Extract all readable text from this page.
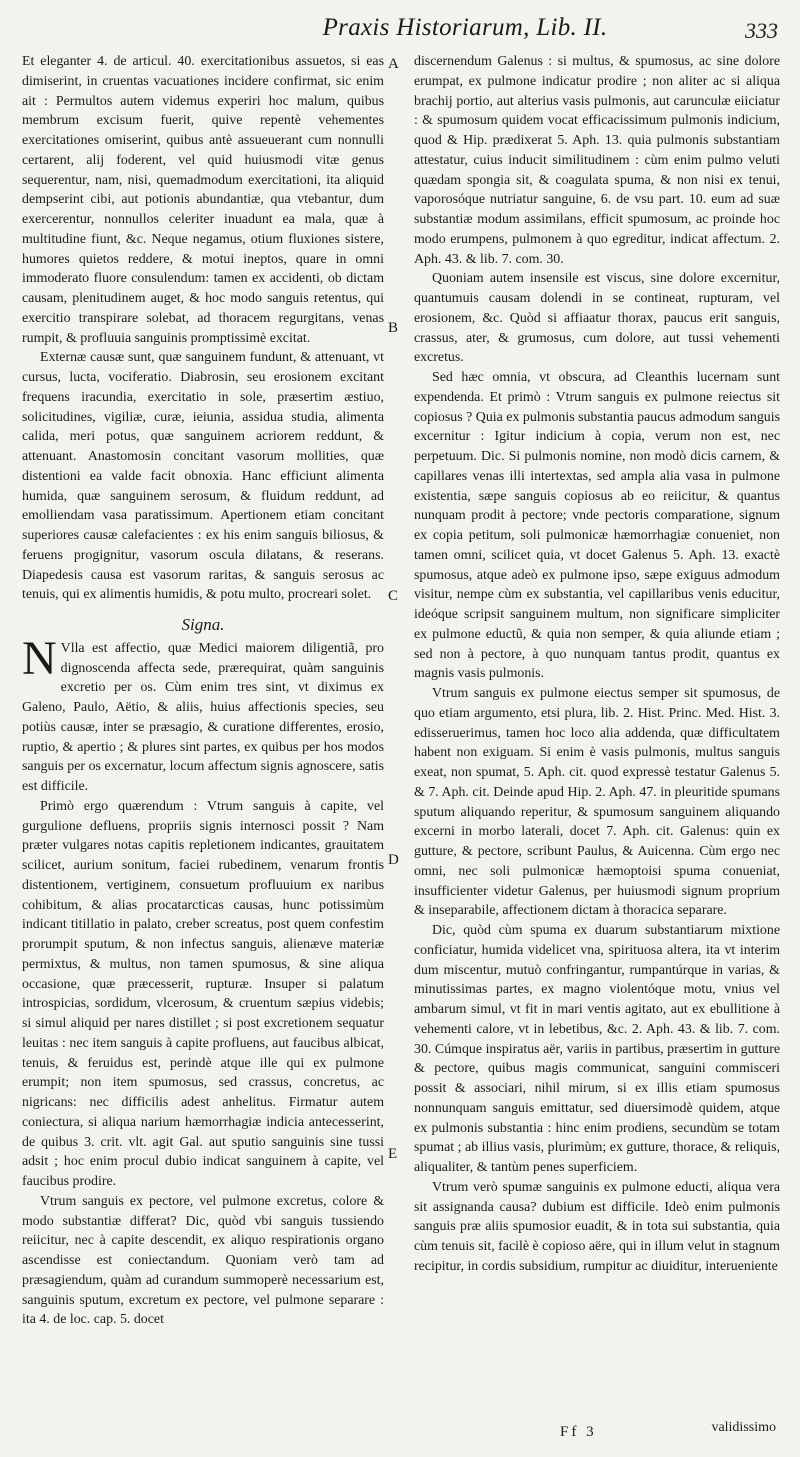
Praxis Historiarum, Lib. II.	333

Et eleganter 4. de articul. 40. exercitationibus assuetos, si eas dimiserint, in cruentas vacuationes incidere confirmat, sic enim ait : Permultos autem videmus experiri hoc malum, quibus membrum excisum fuerit, quive repentè vehementes exercitationes omiserint, quibus antè assueuerant cum nonnulli certarent, alij foderent, vel quid huiusmodi vitæ genus sequerentur, nam, nisi, quemadmodum exercitationi, ita aliquid dempserint cibi, aut potionis abundantiæ, qua vtebantur, dum exercerentur, nonnullos celeriter inuadunt ea mala, quæ à multitudine fiunt, &c. Neque negamus, otium fluxiones sistere, humores quietos reddere, & motui ineptos, quare in omni immoderato fluore consulendum: tamen ex accidenti, ob dictam causam, plenitudinem auget, & hoc modo sanguis retentus, qui exercitio transpirare solebat, ad thoracem regurgitans, venas rumpit, & profluuia sanguinis promptissimè excitat.

Externæ causæ sunt, quæ sanguinem fundunt, & attenuant, vt cursus, lucta, vociferatio. Diabrosin, seu erosionem excitant frequens iracundia, exercitatio in sole, præsertim æstiuo, solicitudines, vigiliæ, curæ, ieiunia, assidua studia, alimenta calida, meri potus, quæ sanguinem acriorem reddunt, & attenuant. Anastomosin concitant vasorum mollities, quæ distentioni ea valde facit obnoxia. Hanc efficiunt alimenta humida, quæ sanguinem serosum, & fluidum reddunt, ad emolliendam vasa paratissimum. Apertionem etiam concitant superiores causæ calefacientes : ex his enim sanguis biliosus, & feruens progignitur, vasorum oscula dilatans, & reserans. Diapedesis causa est vasorum raritas, & sanguis serosus ac tenuis, qui ex alimentis humidis, & potu multo, procreari solet.

Signa.

NVlla est affectio, quæ Medici maiorem diligentiã, pro dignoscenda affecta sede, prærequirat, quàm sanguinis excretio per os. Cùm enim tres sint, vt diximus ex Galeno, Paulo, Aëtio, & aliis, huius affectionis species, seu potiùs causæ, inter se præsagio, & curatione differentes, erosio, ruptio, & apertio ; & plures sint partes, ex quibus per hos modos sanguis per os excernatur, locum affectum signis agnoscere, satis est difficile.

Primò ergo quærendum : Vtrum sanguis à capite, vel gurgulione defluens, propriis signis internosci possit ? Nam præter vulgares notas capitis repletionem indicantes, grauitatem scilicet, aurium sonitum, faciei rubedinem, venarum frontis distentionem, vertiginem, consuetum profluuium ex naribus cohibitum, & alias procatarcticas causas, hunc potissimùm indicant titillatio in palato, creber screatus, post quem confestim prorumpit sputum, & non infectus sanguis, alienæve materiæ permixtus, & multus, non tamen spumosus, & sine aliqua occasione, quæ præcesserit, rupturæ. Insuper si palatum introspicias, sordidum, vlcerosum, & cruentum sæpius videbis; si simul aliquid per nares distillet ; si post excretionem sequatur leuitas : nec item sanguis à capite profluens, aut faucibus albicat, tenuis, & feruidus est, perindè atque ille qui ex pulmone erumpit; non item spumosus, sed crassus, concretus, ac nigricans: nec difficilis adest anhelitus. Firmatur autem coniectura, si aliqua narium hæmorrhagiæ indicia antecesserint, de quibus 3. crit. vlt. agit Gal. aut sputio sanguinis sine tussi adsit ; hoc enim procul dubio indicat sanguinem à capite, vel faucibus prodire.

Vtrum sanguis ex pectore, vel pulmone excretus, colore & modo substantiæ differat? Dic, quòd vbi sanguis tussiendo reiicitur, nec à capite descendit, ex aliquo respirationis organo ascendisse est coniectandum. Quoniam verò tam ad præsagiendum, quàm ad curandum summoperè necessarium est, sanguinis sputum, excretum ex pectore, vel pulmone separare : ita 4. de loc. cap. 5. docet

A
B
C
D
E

discernendum Galenus : si multus, & spumosus, ac sine dolore erumpat, ex pulmone indicatur prodire ; non aliter ac si aliqua brachij portio, aut alterius vasis pulmonis, aut carunculæ eiiciatur : & spumosum quidem vocat efficacissimum pulmonis indicium, quod & Hip. prædixerat 5. Aph. 13. quia pulmonis substantiam attestatur, cuius inducit similitudinem : cùm enim pulmo veluti quædam spongia sit, & coagulata spuma, & non nisi ex tenui, vaporosóque nutriatur sanguine, 6. de vsu part. 10. eum ad suæ substantiæ modum assimilans, efficit spumosum, ac proinde hoc modo erumpens, pulmonem à quo egreditur, indicat affectum. 2. Aph. 43. & lib. 7. com. 30.

Quoniam autem insensile est viscus, sine dolore excernitur, quantumuis causam dolendi in se contineat, rupturam, vel erosionem, &c. Quòd si affiaatur thorax, paucus erit sanguis, crassus, ater, & grumosus, cum dolore, aut tussi vehementi excretus.

Sed hæc omnia, vt obscura, ad Cleanthis lucernam sunt expendenda. Et primò : Vtrum sanguis ex pulmone reiectus sit copiosus ? Quia ex pulmonis substantia paucus admodum sanguis excernitur : Igitur indicium à copia, verum non est, nec perpetuum. Dic. Si pulmonis nomine, non modò dicis carnem, & capillares venas illi intertextas, sed ampla alia vasa in pulmone existentia, sæpe sanguis copiosus ab eo reiicitur, & quantus nunquam prodit à pectore; vnde pectoris comparatione, signum ex copia petitum, soli pulmonicæ hæmorrhagiæ conueniet, non tamen omni, scilicet quia, vt docet Galenus 5. Aph. 13. exactè spumosus, atque adeò ex pulmone ipso, sæpe exiguus admodum visitur, nempe cùm ex substantia, vel capillaribus venis educitur, ideóque scripsit sanguinem multum, non significare simpliciter ex pulmone eductũ, & quia non semper, & quia aliunde etiam ; sed non à pectore, à quo nunquam tantus prodit, quantus ex magnis vasis pulmonis.

Vtrum sanguis ex pulmone eiectus semper sit spumosus, de quo etiam argumento, etsi plura, lib. 2. Hist. Princ. Med. Hist. 3. edisseruerimus, tamen hoc loco alia addenda, quæ difficultatem habent non exiguam. Si enim è vasis pulmonis, multus sanguis exeat, non spumat, 5. Aph. cit. quod expressè testatur Galenus 5. & 7. Aph. cit. Deinde apud Hip. 2. Aph. 47. in pleuritide spumans sputum aliquando reperitur, & spumosum sanguinem aliquando excerni in morbo laterali, docet 7. Aph. cit. Galenus: quin ex gutture, & pectore, scribunt Paulus, & Auicenna. Cùm ergo nec omni, nec soli pulmonicæ hæmoptoisi spuma conueniat, insufficienter videtur Galenus, per huiusmodi signum proprium & inseparabile, affectionem dictam à thoracica separare.

Dic, quòd cùm spuma ex duarum substantiarum mixtione conficiatur, humida videlicet vna, spirituosa altera, ita vt interim dum miscentur, mutuò confringantur, rumpantúrque in varias, & minutissimas partes, ex magno violentóque motu, vnius vel ambarum simul, vt fit in mari ventis agitato, aut ex ebullitione à vehementi calore, vt in lebetibus, &c. 2. Aph. 43. & lib. 7. com. 30. Cúmque inspiratus aër, variis in partibus, præsertim in gutture & pectore, quibus magis communicat, sanguini commisceri possit & associari, nihil mirum, si ex illis etiam spumosus nonnunquam sanguis emittatur, sed diuersimodè quidem, atque ex pulmonis substantia : hinc enim prodiens, secundùm se totam spumat ; ab illius vasis, plurimùm; ex gutture, thorace, & reliquis, aliqualiter, & tantùm penes superficiem.

Vtrum verò spumæ sanguinis ex pulmone educti, aliqua vera sit assignanda causa? dubium est difficile. Ideò enim pulmonis sanguis præ aliis spumosior euadit, & in tota sui substantia, quia cùm tenuis sit, facilè è copioso aëre, qui in illum velut in stagnum recipitur, in cordis subsidium, rumpitur ac diuiditur, interueniente

Ff 3	validissimo
